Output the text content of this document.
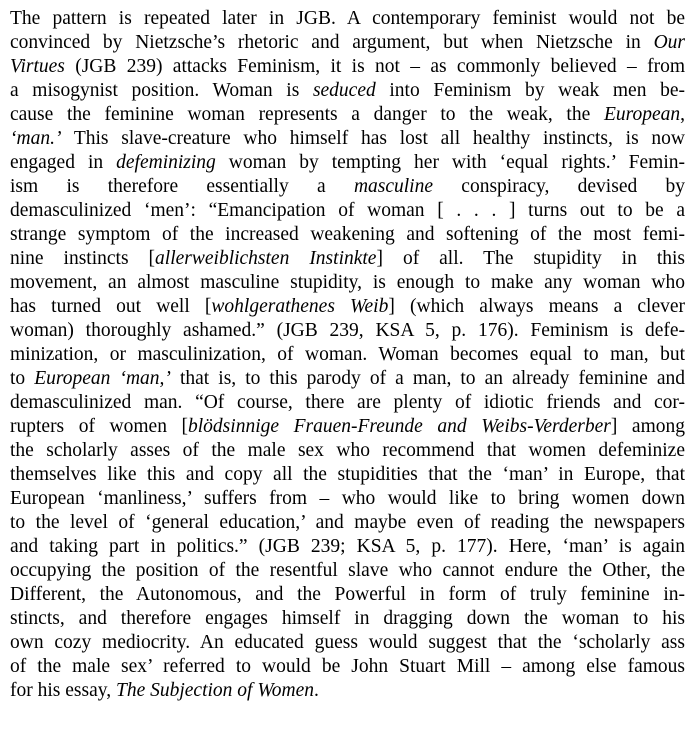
The pattern is repeated later in JGB. A contemporary feminist would not be
convinced by Nietzsche’s rhetoric and argument, but when Nietzsche in Our
Virtues (JGB 239) attacks Feminism, it is not – as commonly believed – from
a misogynist position. Woman is seduced into Feminism by weak men be-
cause the feminine woman represents a danger to the weak, the European,
‘man.’ This slave-creature who himself has lost all healthy instincts, is now
engaged in defeminizing woman by tempting her with ‘equal rights.’ Femin-
ism is therefore essentially a masculine conspiracy, devised by
demasculinized ‘men’: “Emancipation of woman [ . . . ] turns out to be a
strange symptom of the increased weakening and softening of the most femi-
nine instincts [allerweiblichsten Instinkte] of all. The stupidity in this
movement, an almost masculine stupidity, is enough to make any woman who
has turned out well [wohlgerathenes Weib] (which always means a clever
woman) thoroughly ashamed.” (JGB 239, KSA 5, p. 176). Feminism is defe-
minization, or masculinization, of woman. Woman becomes equal to man, but
to European ‘man,’ that is, to this parody of a man, to an already feminine and
demasculinized man. “Of course, there are plenty of idiotic friends and cor-
rupters of women [blödsinnige Frauen-Freunde and Weibs-Verderber] among
the scholarly asses of the male sex who recommend that women defeminize
themselves like this and copy all the stupidities that the ‘man’ in Europe, that
European ‘manliness,’ suffers from – who would like to bring women down
to the level of ‘general education,’ and maybe even of reading the newspapers
and taking part in politics.” (JGB 239; KSA 5, p. 177). Here, ‘man’ is again
occupying the position of the resentful slave who cannot endure the Other, the
Different, the Autonomous, and the Powerful in form of truly feminine in-
stincts, and therefore engages himself in dragging down the woman to his
own cozy mediocrity. An educated guess would suggest that the ‘scholarly ass
of the male sex’ referred to would be John Stuart Mill – among else famous
for his essay, The Subjection of Women.
